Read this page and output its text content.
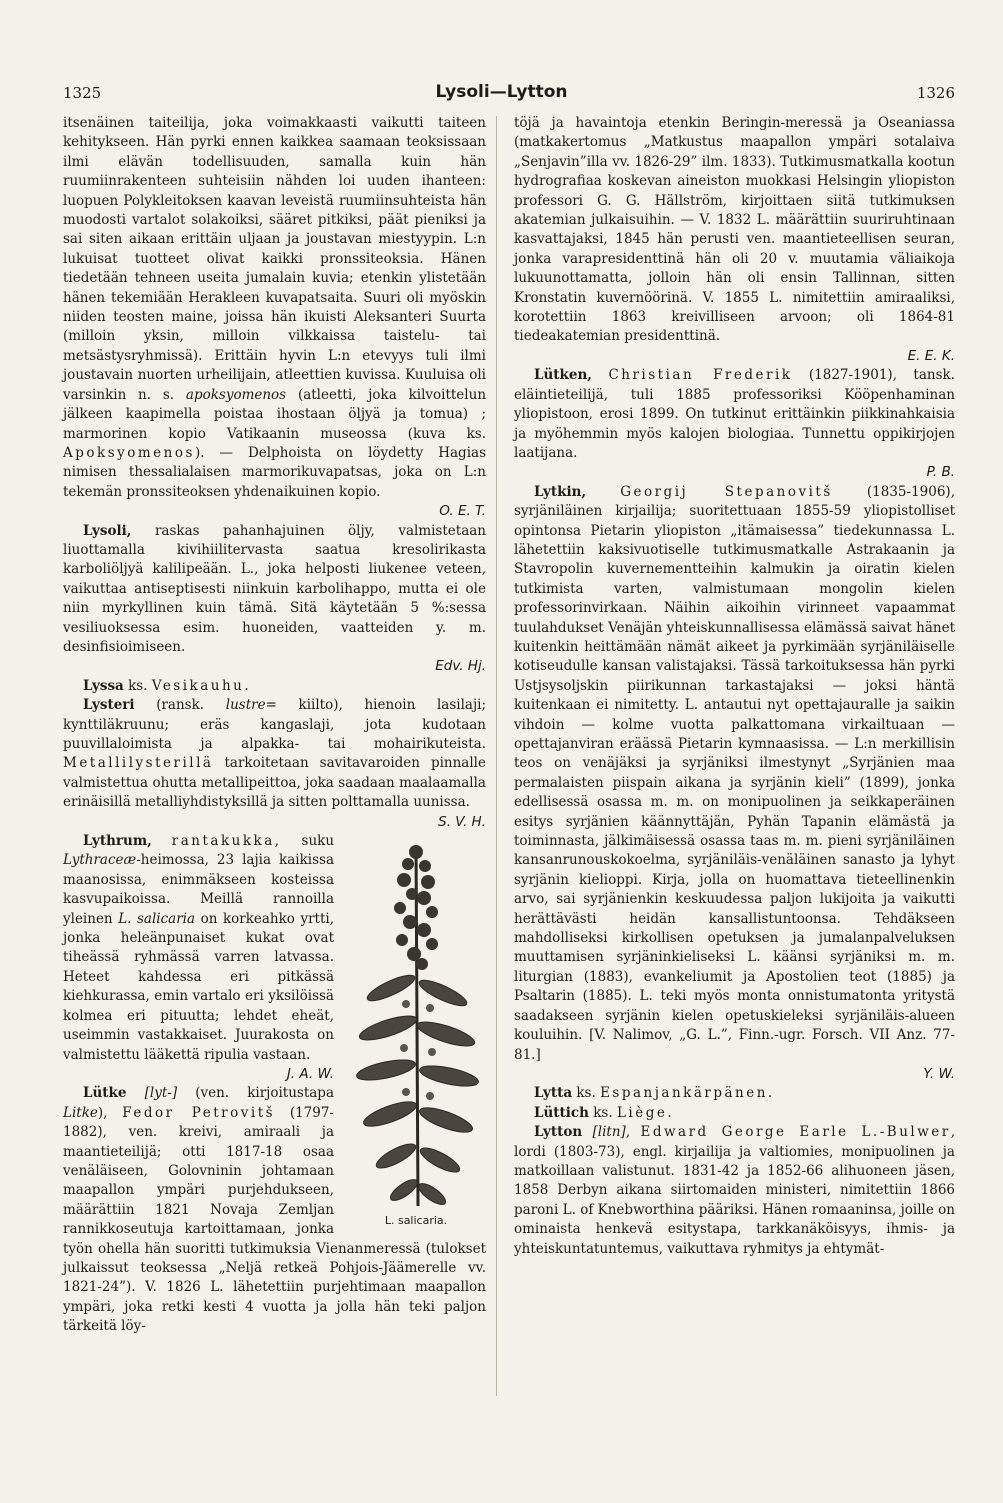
1325	Lysoli—Lytton	1326

itsenäinen taiteilija, joka voimakkaasti vaikutti taiteen kehitykseen. Hän pyrki ennen kaikkea saamaan teoksissaan ilmi elävän todellisuuden, samalla kuin hän ruumiinrakenteen suhteisiin nähden loi uuden ihanteen: luopuen Polykleitoksen kaavan leveistä ruumiinsuhteista hän muodosti vartalot solakoiksi, sääret pitkiksi, päät pieniksi ja sai siten aikaan erittäin uljaan ja joustavan miestyypin. L:n lukuisat tuotteet olivat kaikki pronssiteoksia. Hänen tiedetään tehneen useita jumalain kuvia; etenkin ylistetään hänen tekemiään Herakleen kuvapatsaita. Suuri oli myöskin niiden teosten maine, joissa hän ikuisti Aleksanteri Suurta (milloin yksin, milloin vilkkaissa taistelu- tai metsästysryhmissä). Erittäin hyvin L:n etevyys tuli ilmi joustavain nuorten urheilijain, atleettien kuvissa. Kuuluisa oli varsinkin n. s. apoksyomenos (atleetti, joka kilvoittelun jälkeen kaapimella poistaa ihostaan öljyä ja tomua) ; marmorinen kopio Vatikaanin museossa (kuva ks. Apoksyomenos). — Delphoista on löydetty Hagias nimisen thessalialaisen marmorikuvapatsas, joka on L:n tekemän pronssiteoksen yhdenaikuinen kopio.
O. E. T.

Lysoli, raskas pahanhajuinen öljy, valmistetaan liuottamalla kivihiilitervasta saatua kresolirikasta karboliöljyä kalilipeään. L., joka helposti liukenee veteen, vaikuttaa antiseptisesti niinkuin karbolihappo, mutta ei ole niin myrkyllinen kuin tämä. Sitä käytetään 5 %:sessa vesiliuoksessa esim. huoneiden, vaatteiden y. m. desinfisioimiseen.
Edv. Hj.

Lyssa ks. Vesikauhu.

Lysteri (ransk. lustre= kiilto), hienoin lasilaji; kynttiläkruunu; eräs kangaslaji, jota kudotaan puuvillaloimista ja alpakka- tai mohairikuteista. Metallilysterillä tarkoitetaan savitavaroiden pinnalle valmistettua ohutta metallipeittoa, joka saadaan maalaamalla erinäisillä metalliyhdistyksillä ja sitten polttamalla uunissa.
S. V. H.

L. salicaria.

Lythrum, rantakukka, suku Lythraceæ-heimossa, 23 lajia kaikissa maanosissa, enimmäkseen kosteissa kasvupaikoissa. Meillä rannoilla yleinen L. salicaria on korkeahko yrtti, jonka heleänpunaiset kukat ovat tiheässä ryhmässä varren latvassa. Heteet kahdessa eri pitkässä kiehkurassa, emin vartalo eri yksilöissä kolmea eri pituutta; lehdet eheät, useimmin vastakkaiset. Juurakosta on valmistettu lääkettä ripulia vastaan.
J. A. W.

Lütke [lyt-] (ven. kirjoitustapa Litke), Fedor Petrovitš (1797-1882), ven. kreivi, amiraali ja maantieteilijä; otti 1817-18 osaa venäläiseen, Golovninin johtamaan maapallon ympäri purjehdukseen, määrättiin 1821 Novaja Zemljan rannikkoseutuja kartoittamaan, jonka työn ohella hän suoritti tutkimuksia Vienanmeressä (tulokset julkaissut teoksessa „Neljä retkeä Pohjois-Jäämerelle vv. 1821-24”). V. 1826 L. lähetettiin purjehtimaan maapallon ympäri, joka retki kesti 4 vuotta ja jolla hän teki paljon tärkeitä löy-

töjä ja havaintoja etenkin Beringin-meressä ja Oseaniassa (matkakertomus „Matkustus maapallon ympäri sotalaiva „Senjavin”illa vv. 1826-29” ilm. 1833). Tutkimusmatkalla kootun hydrografiaa koskevan aineiston muokkasi Helsingin yliopiston professori G. G. Hällström, kirjoittaen siitä tutkimuksen akatemian julkaisuihin. — V. 1832 L. määrättiin suuriruhtinaan kasvattajaksi, 1845 hän perusti ven. maantieteellisen seuran, jonka varapresidenttinä hän oli 20 v. muutamia väliaikoja lukuunottamatta, jolloin hän oli ensin Tallinnan, sitten Kronstatin kuvernöörinä. V. 1855 L. nimitettiin amiraaliksi, korotettiin 1863 kreivilliseen arvoon; oli 1864-81 tiedeakatemian presidenttinä.
E. E. K.

Lütken, Christian Frederik (1827-1901), tansk. eläintieteilijä, tuli 1885 professoriksi Kööpenhaminan yliopistoon, erosi 1899. On tutkinut erittäinkin piikkinahkaisia ja myöhemmin myös kalojen biologiaa. Tunnettu oppikirjojen laatijana.
P. B.

Lytkin,	Georgij Stepanovitš	(1835-1906), syrjäniläinen kirjailija; suoritettuaan 1855-59 yliopistolliset opintonsa Pietarin yliopiston „itämaisessa” tiedekunnassa L. lähetettiin kaksivuotiselle tutkimusmatkalle Astrakaanin ja Stavropolin kuvernementteihin kalmukin ja oiratin kielen tutkimista varten, valmistumaan mongolin kielen professorinvirkaan. Näihin aikoihin virinneet vapaammat tuulahdukset Venäjän yhteiskunnallisessa elämässä saivat hänet kuitenkin heittämään nämät aikeet ja pyrkimään syrjäniläiselle kotiseudulle kansan valistajaksi. Tässä tarkoituksessa hän pyrki Ustjsysoljskin piirikunnan tarkastajaksi — joksi häntä kuitenkaan ei nimitetty. L. antautui nyt opettajauralle ja saikin vihdoin — kolme vuotta palkattomana virkailtuaan — opettajanviran eräässä Pietarin kymnaasissa. — L:n merkillisin teos on venäjäksi ja syrjäniksi ilmestynyt „Syrjänien maa permalaisten piispain aikana ja syrjänin kieli” (1899), jonka edellisessä osassa m. m. on monipuolinen ja seikkaperäinen esitys syrjänien käännyttäjän, Pyhän Tapanin elämästä ja toiminnasta, jälkimäisessä osassa taas m. m. pieni syrjäniläinen kansanrunouskokoelma, syrjäniläis-venäläinen sanasto ja lyhyt syrjänin kielioppi. Kirja, jolla on huomattava tieteellinenkin arvo, sai syrjänienkin keskuudessa paljon lukijoita ja vaikutti herättävästi heidän kansallistuntoonsa. Tehdäkseen mahdolliseksi kirkollisen opetuksen ja jumalanpalveluksen muuttamisen syrjäninkieliseksi L. käänsi syrjäniksi m. m. liturgian (1883), evankeliumit ja Apostolien teot (1885) ja Psaltarin (1885). L. teki myös monta onnistumatonta yritystä saadakseen syrjänin kielen opetuskieleksi syrjäniläis-alueen kouluihin. [V. Nalimov, „G. L.”, Finn.-ugr. Forsch. VII Anz. 77-81.]
Y. W.

Lytta ks. Espanjankärpänen.

Lüttich ks. Liège.

Lytton [litn], Edward George Earle L.-Bulwer, lordi (1803-73), engl. kirjailija ja valtiomies, monipuolinen ja matkoillaan valistunut. 1831-42 ja 1852-66 alihuoneen jäsen, 1858 Derbyn aikana siirtomaiden ministeri, nimitettiin 1866 paroni L. of Knebworthina pääriksi. Hänen romaaninsa, joille on ominaista henkevä esitystapa, tarkkanäköisyys, ihmis- ja yhteiskuntatuntemus, vaikuttava ryhmitys ja ehtymät-
